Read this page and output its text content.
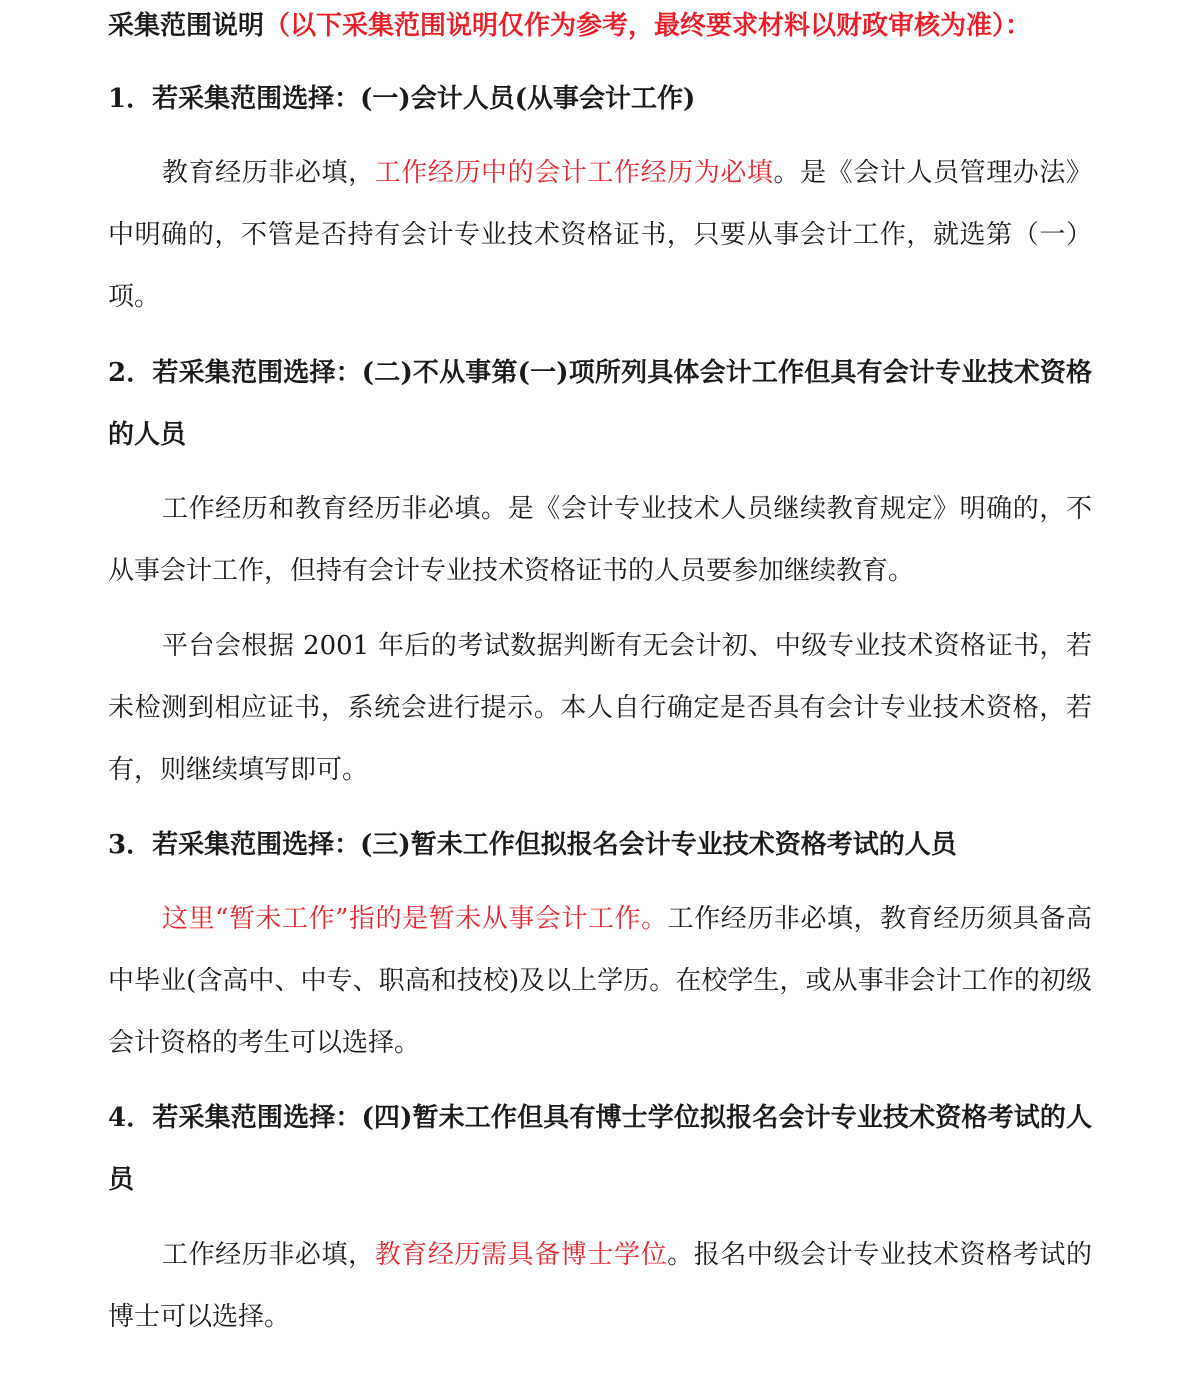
采集范围说明（以下采集范围说明仅作为参考，最终要求材料以财政审核为准）：
1．若采集范围选择：(一)会计人员(从事会计工作)
教育经历非必填，工作经历中的会计工作经历为必填。是《会计人员管理办法》中明确的，不管是否持有会计专业技术资格证书，只要从事会计工作，就选第（一）项。
2．若采集范围选择：(二)不从事第(一)项所列具体会计工作但具有会计专业技术资格的人员
工作经历和教育经历非必填。是《会计专业技术人员继续教育规定》明确的，不从事会计工作，但持有会计专业技术资格证书的人员要参加继续教育。
平台会根据 2001 年后的考试数据判断有无会计初、中级专业技术资格证书，若未检测到相应证书，系统会进行提示。本人自行确定是否具有会计专业技术资格，若有，则继续填写即可。
3．若采集范围选择：(三)暂未工作但拟报名会计专业技术资格考试的人员
这里“暂未工作”指的是暂未从事会计工作。工作经历非必填，教育经历须具备高中毕业(含高中、中专、职高和技校)及以上学历。在校学生，或从事非会计工作的初级会计资格的考生可以选择。
4．若采集范围选择：(四)暂未工作但具有博士学位拟报名会计专业技术资格考试的人员
工作经历非必填，教育经历需具备博士学位。报名中级会计专业技术资格考试的博士可以选择。
